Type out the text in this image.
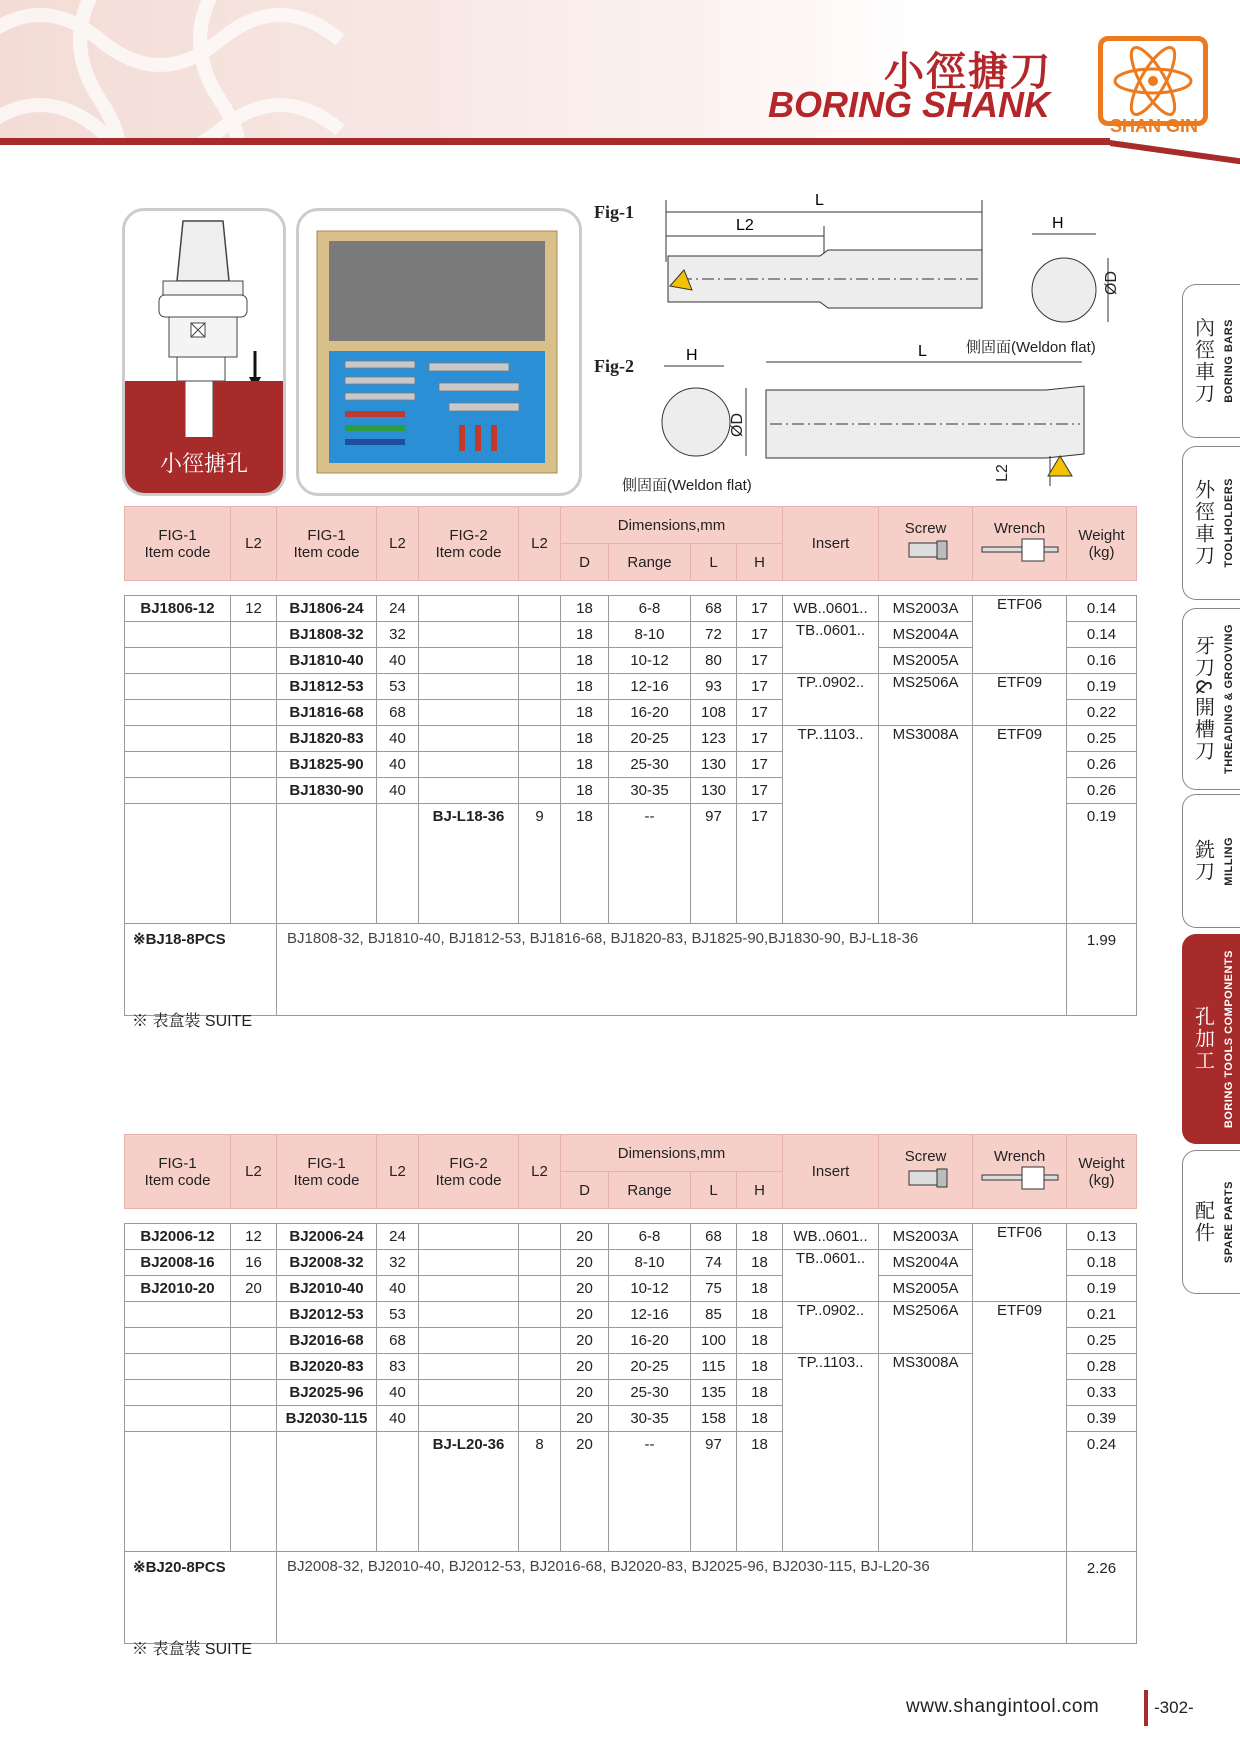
小徑搪刀
BORING SHANK
SHAN GIN
內徑車刀 BORING BARS
外徑車刀 TOOLHOLDERS
牙刀&開槽刀 THREADING & GROOVING
銑刀 MILLING
孔加工 BORING TOOLS COMPONENTS
配件 SPARE PARTS
小徑搪孔
Fig-1
Fig-2
L
L2	H
L
H
ØD
ØD
L2
側固面(Weldon flat)
側固面(Weldon flat)
FIG-1
Item code	L2	FIG-1
Item code	L2	FIG-2
Item code	L2	Dimensions,mm				Insert	Screw	Wrench	Weight
(kg)
						D	Range	L	H				

BJ1806-12	12	BJ1806-24	24			18	6-8	68	17	WB..0601..	MS2003A	ETF06	0.14
		BJ1808-32	32			18	8-10	72	17	TB..0601..	MS2004A		0.14
		BJ1810-40	40			18	10-12	80	17		MS2005A		0.16
		BJ1812-53	53			18	12-16	93	17	TP..0902..	MS2506A	ETF09	0.19
		BJ1816-68	68			18	16-20	108	17				0.22
		BJ1820-83	40			18	20-25	123	17	TP..1103..	MS3008A	ETF09	0.25
		BJ1825-90	40			18	25-30	130	17				0.26
		BJ1830-90	40			18	30-35	130	17				0.26
				BJ-L18-36	9	18	--	97	17				0.19
※BJ18-8PCS		BJ1808-32, BJ1810-40, BJ1812-53, BJ1816-68, BJ1820-83, BJ1825-90,BJ1830-90, BJ-L18-36											1.99
※ 表盒裝 SUITE
FIG-1
Item code	L2	FIG-1
Item code	L2	FIG-2
Item code	L2	Dimensions,mm				Insert	Screw	Wrench	Weight
(kg)
						D	Range	L	H				

BJ2006-12	12	BJ2006-24	24			20	6-8	68	18	WB..0601..	MS2003A	ETF06	0.13
BJ2008-16	16	BJ2008-32	32			20	8-10	74	18	TB..0601..	MS2004A		0.18
BJ2010-20	20	BJ2010-40	40			20	10-12	75	18		MS2005A		0.19
		BJ2012-53	53			20	12-16	85	18	TP..0902..	MS2506A	ETF09	0.21
		BJ2016-68	68			20	16-20	100	18				0.25
		BJ2020-83	83			20	20-25	115	18	TP..1103..	MS3008A		0.28
		BJ2025-96	40			20	25-30	135	18				0.33
		BJ2030-115	40			20	30-35	158	18				0.39
				BJ-L20-36	8	20	--	97	18				0.24
※BJ20-8PCS		BJ2008-32, BJ2010-40, BJ2012-53, BJ2016-68, BJ2020-83, BJ2025-96, BJ2030-115, BJ-L20-36											2.26
※ 表盒裝 SUITE
www.shangintool.com	-302-
